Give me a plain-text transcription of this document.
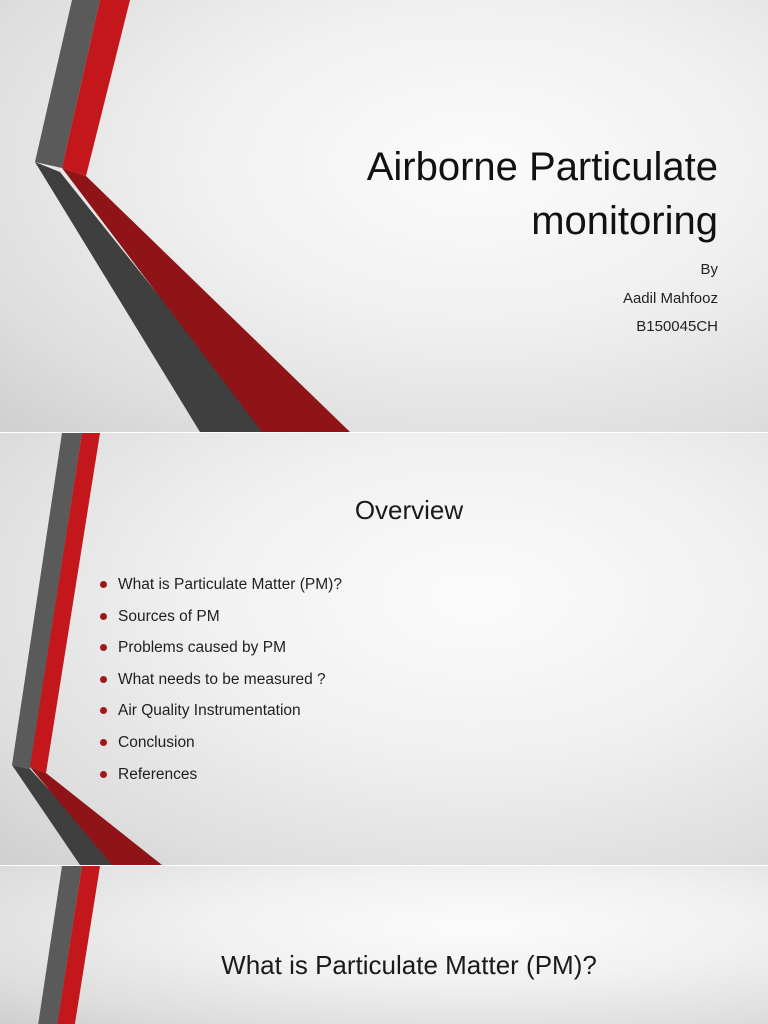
Airborne Particulate
monitoring
By
Aadil Mahfooz
B150045CH
Overview
What is Particulate Matter (PM)?
Sources of PM
Problems caused by PM
What needs to be measured ?
Air Quality Instrumentation
Conclusion
References
What is Particulate Matter (PM)?
